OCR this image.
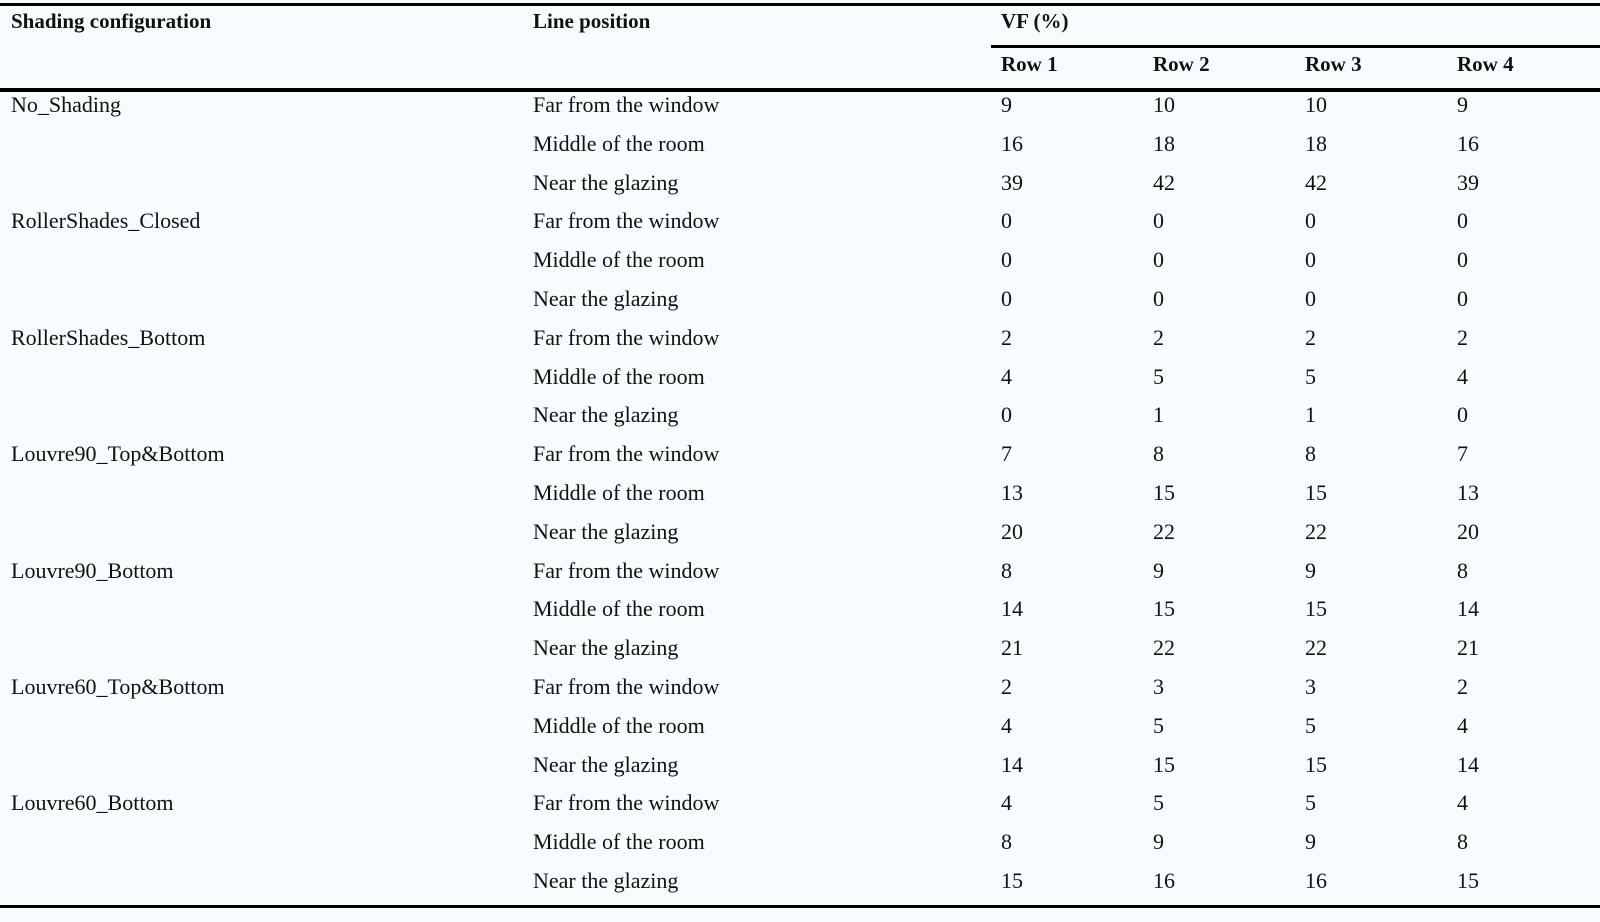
Shading configuration	Line position	VF (%)
Row 1	Row 2	Row 3	Row 4
No_Shading	Far from the window	9	10	10	9
Middle of the room	16	18	18	16
Near the glazing	39	42	42	39
RollerShades_Closed	Far from the window	0	0	0	0
Middle of the room	0	0	0	0
Near the glazing	0	0	0	0
RollerShades_Bottom	Far from the window	2	2	2	2
Middle of the room	4	5	5	4
Near the glazing	0	1	1	0
Louvre90_Top&Bottom	Far from the window	7	8	8	7
Middle of the room	13	15	15	13
Near the glazing	20	22	22	20
Louvre90_Bottom	Far from the window	8	9	9	8
Middle of the room	14	15	15	14
Near the glazing	21	22	22	21
Louvre60_Top&Bottom	Far from the window	2	3	3	2
Middle of the room	4	5	5	4
Near the glazing	14	15	15	14
Louvre60_Bottom	Far from the window	4	5	5	4
Middle of the room	8	9	9	8
Near the glazing	15	16	16	15
